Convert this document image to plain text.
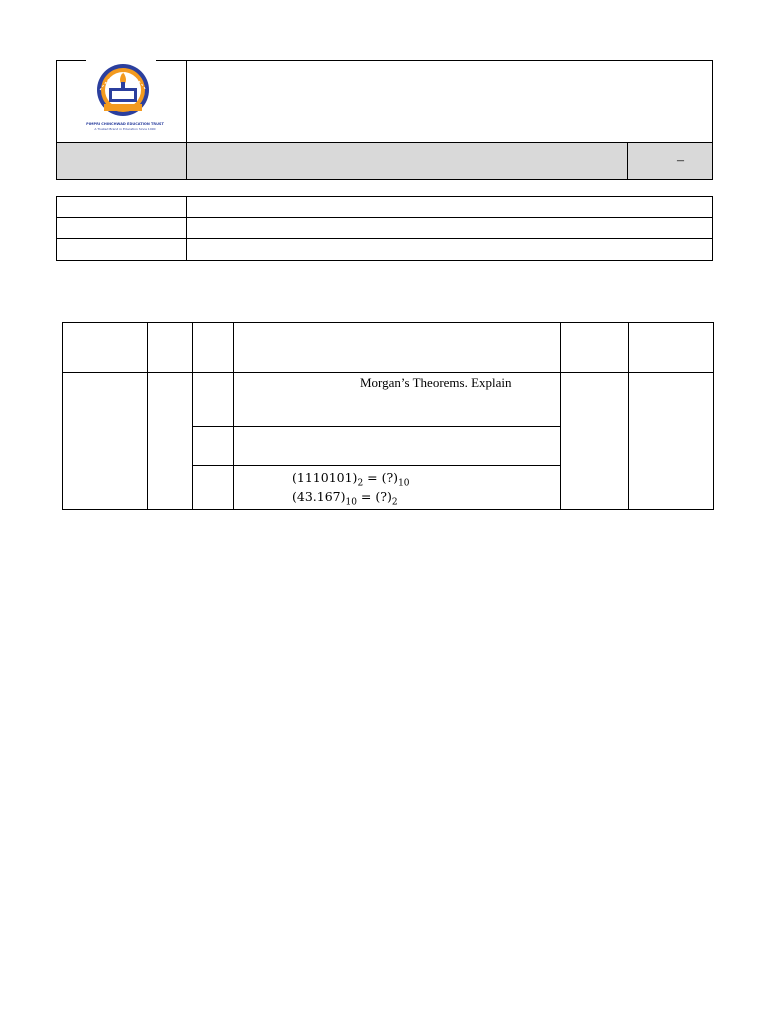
PIMPRI CHINCHWAD EDUCATION TRUST
A Trusted Brand in Education Since 1990
–
Morgan’s Theorems. Explain
$(1110101)_2$ = $(?)_{10}$
$(43.167)_{10}$ = $(?)_2$
